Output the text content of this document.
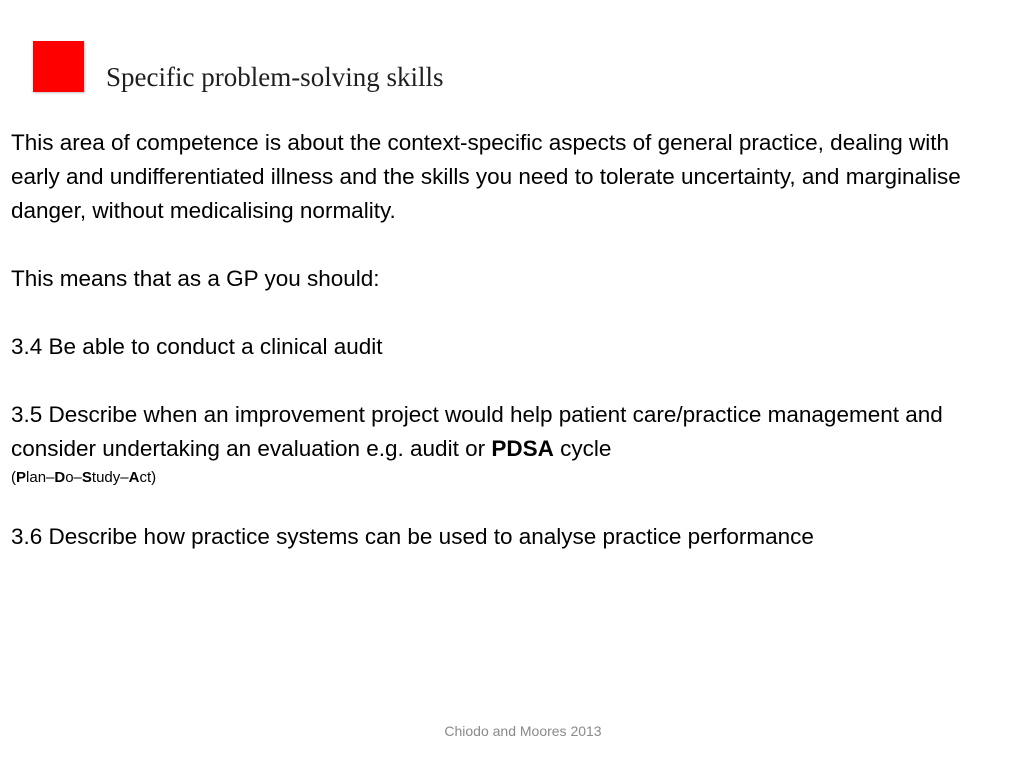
Specific problem-solving skills

This area of competence is about the context-specific aspects of general practice, dealing with early and undifferentiated illness and the skills you need to tolerate uncertainty, and marginalise danger, without medicalising normality.

This means that as a GP you should:

3.4 Be able to conduct a clinical audit

3.5 Describe when an improvement project would help patient care/practice management and consider undertaking an evaluation e.g. audit or PDSA cycle

(Plan–Do–Study–Act)

3.6 Describe how practice systems can be used to analyse practice performance

Chiodo and Moores 2013
